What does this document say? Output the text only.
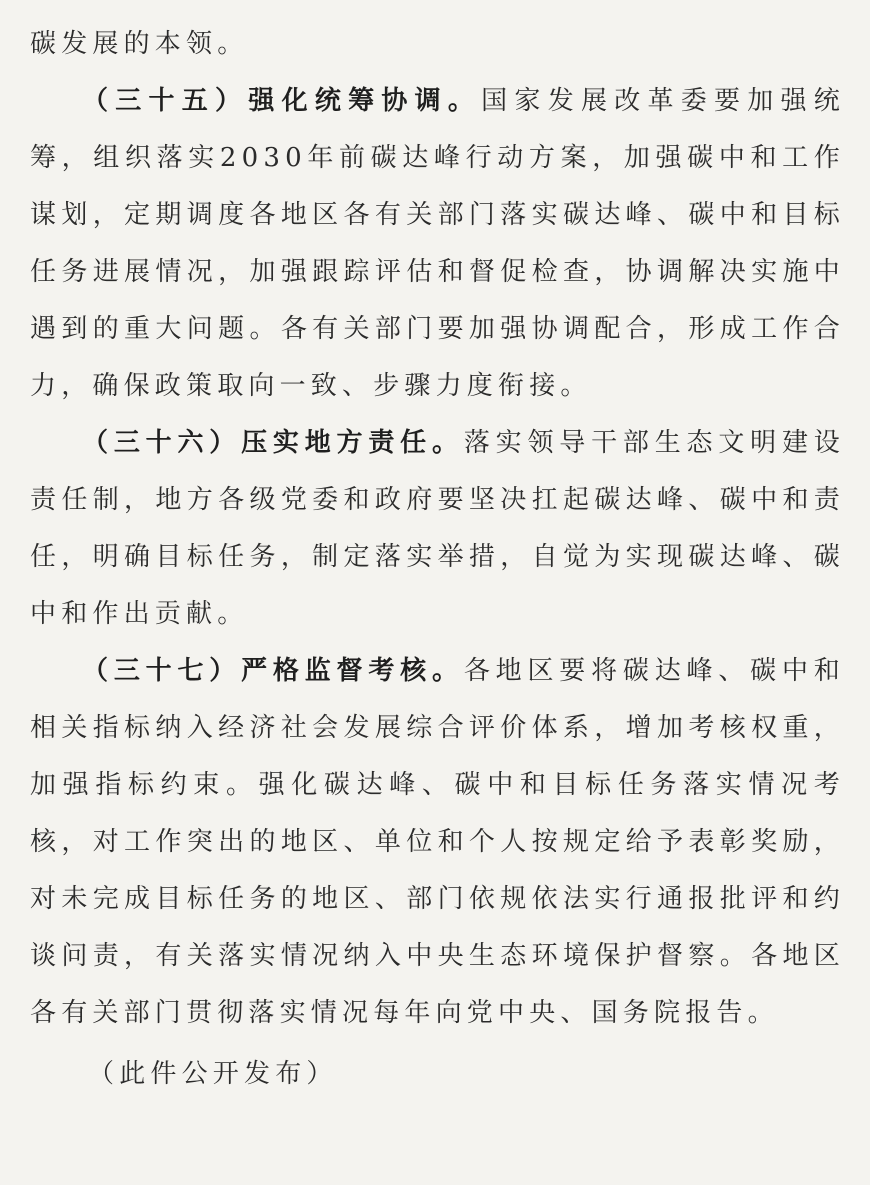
碳发展的本领。

（三十五）强化统筹协调。国家发展改革委要加强统筹，组织落实2030年前碳达峰行动方案，加强碳中和工作谋划，定期调度各地区各有关部门落实碳达峰、碳中和目标任务进展情况，加强跟踪评估和督促检查，协调解决实施中遇到的重大问题。各有关部门要加强协调配合，形成工作合力，确保政策取向一致、步骤力度衔接。

（三十六）压实地方责任。落实领导干部生态文明建设责任制，地方各级党委和政府要坚决扛起碳达峰、碳中和责任，明确目标任务，制定落实举措，自觉为实现碳达峰、碳中和作出贡献。

（三十七）严格监督考核。各地区要将碳达峰、碳中和相关指标纳入经济社会发展综合评价体系，增加考核权重，加强指标约束。强化碳达峰、碳中和目标任务落实情况考核，对工作突出的地区、单位和个人按规定给予表彰奖励，对未完成目标任务的地区、部门依规依法实行通报批评和约谈问责，有关落实情况纳入中央生态环境保护督察。各地区各有关部门贯彻落实情况每年向党中央、国务院报告。

（此件公开发布）
